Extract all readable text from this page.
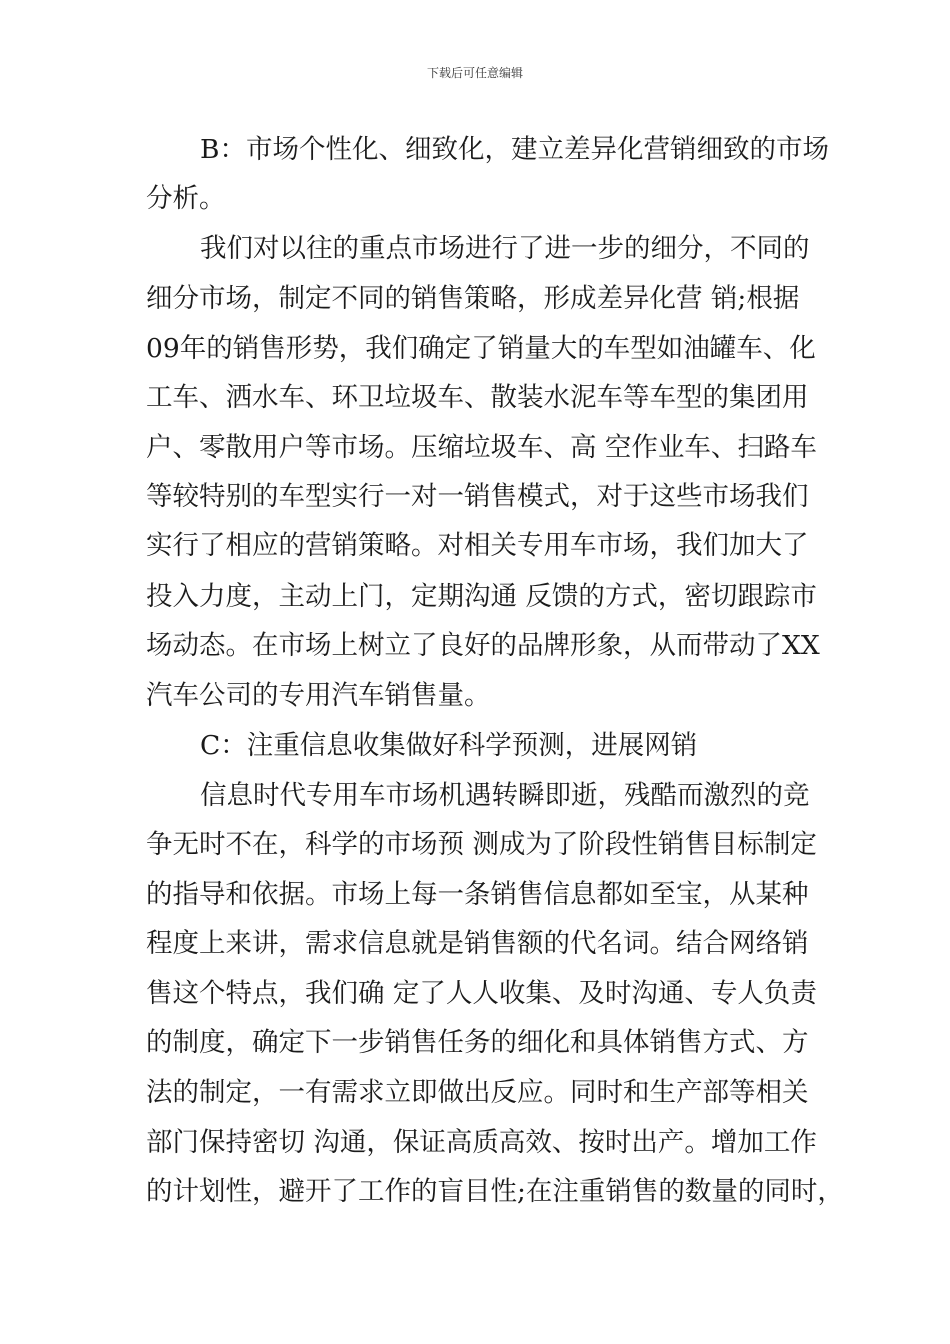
下载后可任意编辑
B：市场个性化、细致化，建立差异化营销细致的市场
分析。
我们对以往的重点市场进行了进一步的细分，不同的
细分市场，制定不同的销售策略，形成差异化营 销;根据
09年的销售形势，我们确定了销量大的车型如油罐车、化
工车、洒水车、环卫垃圾车、散装水泥车等车型的集团用
户、零散用户等市场。压缩垃圾车、高 空作业车、扫路车
等较特别的车型实行一对一销售模式，对于这些市场我们
实行了相应的营销策略。对相关专用车市场，我们加大了
投入力度，主动上门，定期沟通 反馈的方式，密切跟踪市
场动态。在市场上树立了良好的品牌形象，从而带动了XX
汽车公司的专用汽车销售量。
C：注重信息收集做好科学预测，进展网销
信息时代专用车市场机遇转瞬即逝，残酷而激烈的竞
争无时不在，科学的市场预 测成为了阶段性销售目标制定
的指导和依据。市场上每一条销售信息都如至宝，从某种
程度上来讲，需求信息就是销售额的代名词。结合网络销
售这个特点，我们确 定了人人收集、及时沟通、专人负责
的制度，确定下一步销售任务的细化和具体销售方式、方
法的制定，一有需求立即做出反应。同时和生产部等相关
部门保持密切 沟通，保证高质高效、按时出产。增加工作
的计划性，避开了工作的盲目性;在注重销售的数量的同时，
